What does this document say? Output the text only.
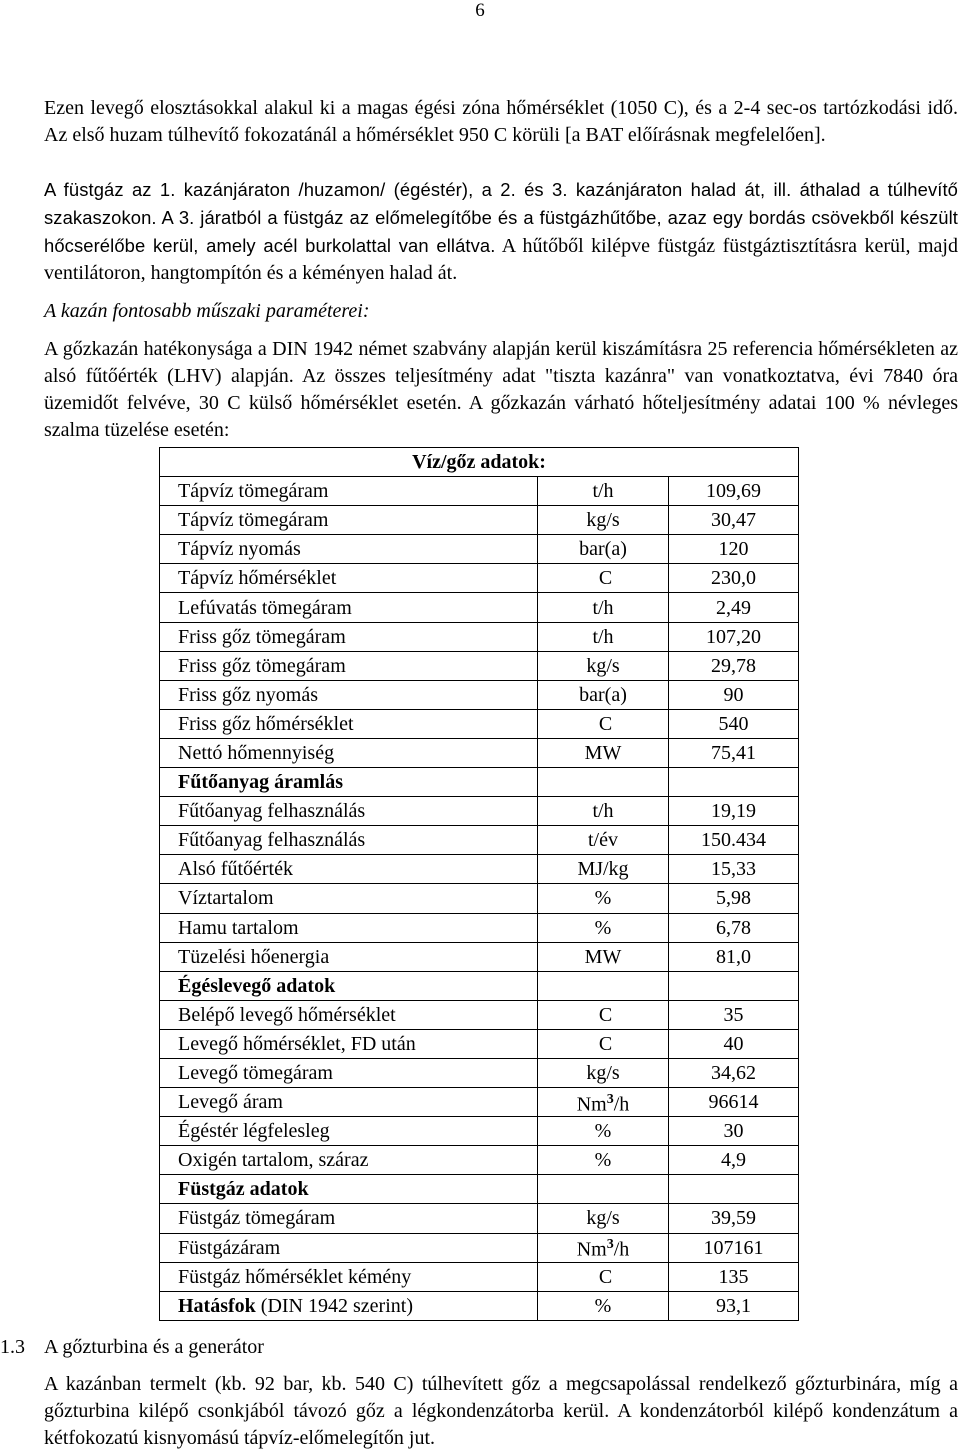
6

Ezen levegő elosztásokkal alakul ki a magas égési zóna hőmérséklet (1050 C), és a 2-4 sec-os tartózkodási idő. Az első huzam túlhevítő fokozatánál a hőmérséklet 950 C körüli [a BAT előírásnak megfelelően].

A füstgáz az 1. kazánjáraton /huzamon/ (égéstér), a 2. és 3. kazánjáraton halad át, ill. áthalad a túlhevítő szakaszokon. A 3. járatból a füstgáz az előmelegítőbe és a füstgázhűtőbe, azaz egy bordás csövekből készült hőcserélőbe kerül, amely acél burkolattal van ellátva. A hűtőből kilépve füstgáz füstgáztisztításra kerül, majd ventilátoron, hangtompítón és a kéményen halad át.

A kazán fontosabb műszaki paraméterei:

A gőzkazán hatékonysága a DIN 1942 német szabvány alapján kerül kiszámításra 25 referencia hőmérsékleten az alsó fűtőérték (LHV) alapján. Az összes teljesítmény adat "tiszta kazánra" van vonatkoztatva, évi 7840 óra üzemidőt felvéve, 30 C külső hőmérséklet esetén. A gőzkazán várható hőteljesítmény adatai 100 % névleges szalma tüzelése esetén:

Víz/gőz adatok:		
Tápvíz tömegáram	t/h	109,69
Tápvíz tömegáram	kg/s	30,47
Tápvíz nyomás	bar(a)	120
Tápvíz hőmérséklet	C	230,0
Lefúvatás tömegáram	t/h	2,49
Friss gőz tömegáram	t/h	107,20
Friss gőz tömegáram	kg/s	29,78
Friss gőz nyomás	bar(a)	90
Friss gőz hőmérséklet	C	540
Nettó hőmennyiség	MW	75,41
Fűtőanyag áramlás		
Fűtőanyag felhasználás	t/h	19,19
Fűtőanyag felhasználás	t/év	150.434
Alsó fűtőérték	MJ/kg	15,33
Víztartalom	%	5,98
Hamu tartalom	%	6,78
Tüzelési hőenergia	MW	81,0
Égéslevegő adatok		
Belépő levegő hőmérséklet	C	35
Levegő hőmérséklet, FD után	C	40
Levegő tömegáram	kg/s	34,62
Levegő áram	Nm$^3$/h	96614
Égéstér légfelesleg	%	30
Oxigén tartalom, száraz	%	4,9
Füstgáz adatok		
Füstgáz tömegáram	kg/s	39,59
Füstgázáram	Nm$^3$/h	107161
Füstgáz hőmérséklet kémény	C	135
Hatásfok (DIN 1942 szerint)	%	93,1
1.3 A gőzturbina és a generátor

A kazánban termelt (kb. 92 bar, kb. 540 C) túlhevített gőz a megcsapolással rendelkező gőzturbinára, míg a gőzturbina kilépő csonkjából távozó gőz a légkondenzátorba kerül. A kondenzátorból kilépő kondenzátum a kétfokozatú kisnyomású tápvíz-előmelegítőn jut.
